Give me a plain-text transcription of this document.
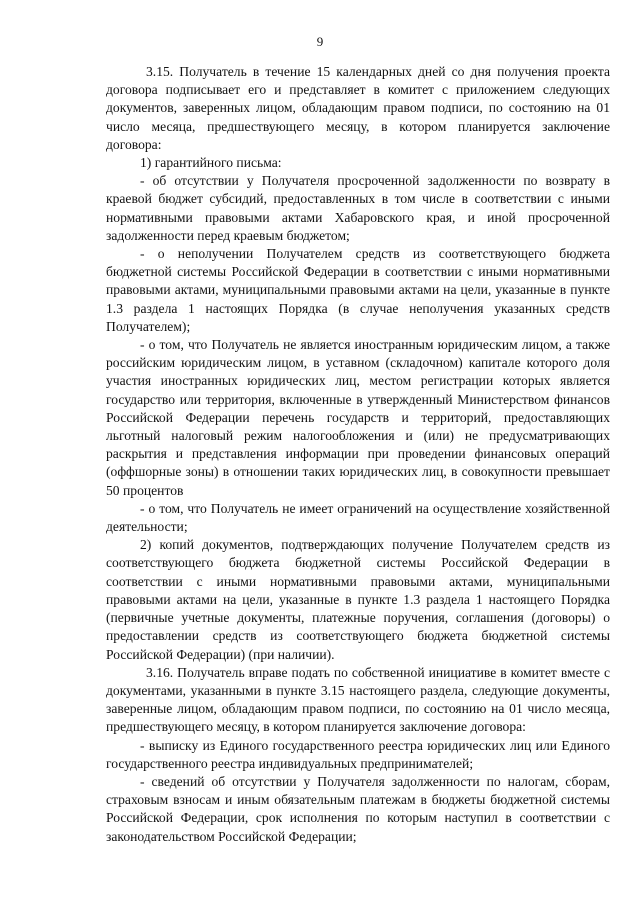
9

3.15. Получатель в течение 15 календарных дней со дня получения проекта договора подписывает его и представляет в комитет с приложением следующих документов, заверенных лицом, обладающим правом подписи, по состоянию на 01 число месяца, предшествующего месяцу, в котором планируется заключение договора:

1) гарантийного письма:

- об отсутствии у Получателя просроченной задолженности по возврату в краевой бюджет субсидий, предоставленных в том числе в соответствии с иными нормативными правовыми актами Хабаровского края, и иной просроченной задолженности перед краевым бюджетом;

- о неполучении Получателем средств из соответствующего бюджета бюджетной системы Российской Федерации в соответствии с иными нормативными правовыми актами, муниципальными правовыми актами на цели, указанные в пункте 1.3 раздела 1 настоящих Порядка (в случае неполучения указанных средств Получателем);

- о том, что Получатель не является иностранным юридическим лицом, а также российским юридическим лицом, в уставном (складочном) капитале которого доля участия иностранных юридических лиц, местом регистрации которых является государство или территория, включенные в утвержденный Министерством финансов Российской Федерации перечень государств и территорий, предоставляющих льготный налоговый режим налогообложения и (или) не предусматривающих раскрытия и представления информации при проведении финансовых операций (оффшорные зоны) в отношении таких юридических лиц, в совокупности превышает 50 процентов

- о том, что Получатель не имеет ограничений на осуществление хозяйственной деятельности;

2) копий документов, подтверждающих получение Получателем средств из соответствующего бюджета бюджетной системы Российской Федерации в соответствии с иными нормативными правовыми актами, муниципальными правовыми актами на цели, указанные в пункте 1.3 раздела 1 настоящего Порядка (первичные учетные документы, платежные поручения, соглашения (договоры) о предоставлении средств из соответствующего бюджета бюджетной системы Российской Федерации) (при наличии).

3.16. Получатель вправе подать по собственной инициативе в комитет вместе с документами, указанными в пункте 3.15 настоящего раздела, следующие документы, заверенные лицом, обладающим правом подписи, по состоянию на 01 число месяца, предшествующего месяцу, в котором планируется заключение договора:

- выписку из Единого государственного реестра юридических лиц или Единого государственного реестра индивидуальных предпринимателей;

- сведений об отсутствии у Получателя задолженности по налогам, сборам, страховым взносам и иным обязательным платежам в бюджеты бюджетной системы Российской Федерации, срок исполнения по которым наступил в соответствии с законодательством Российской Федерации;
